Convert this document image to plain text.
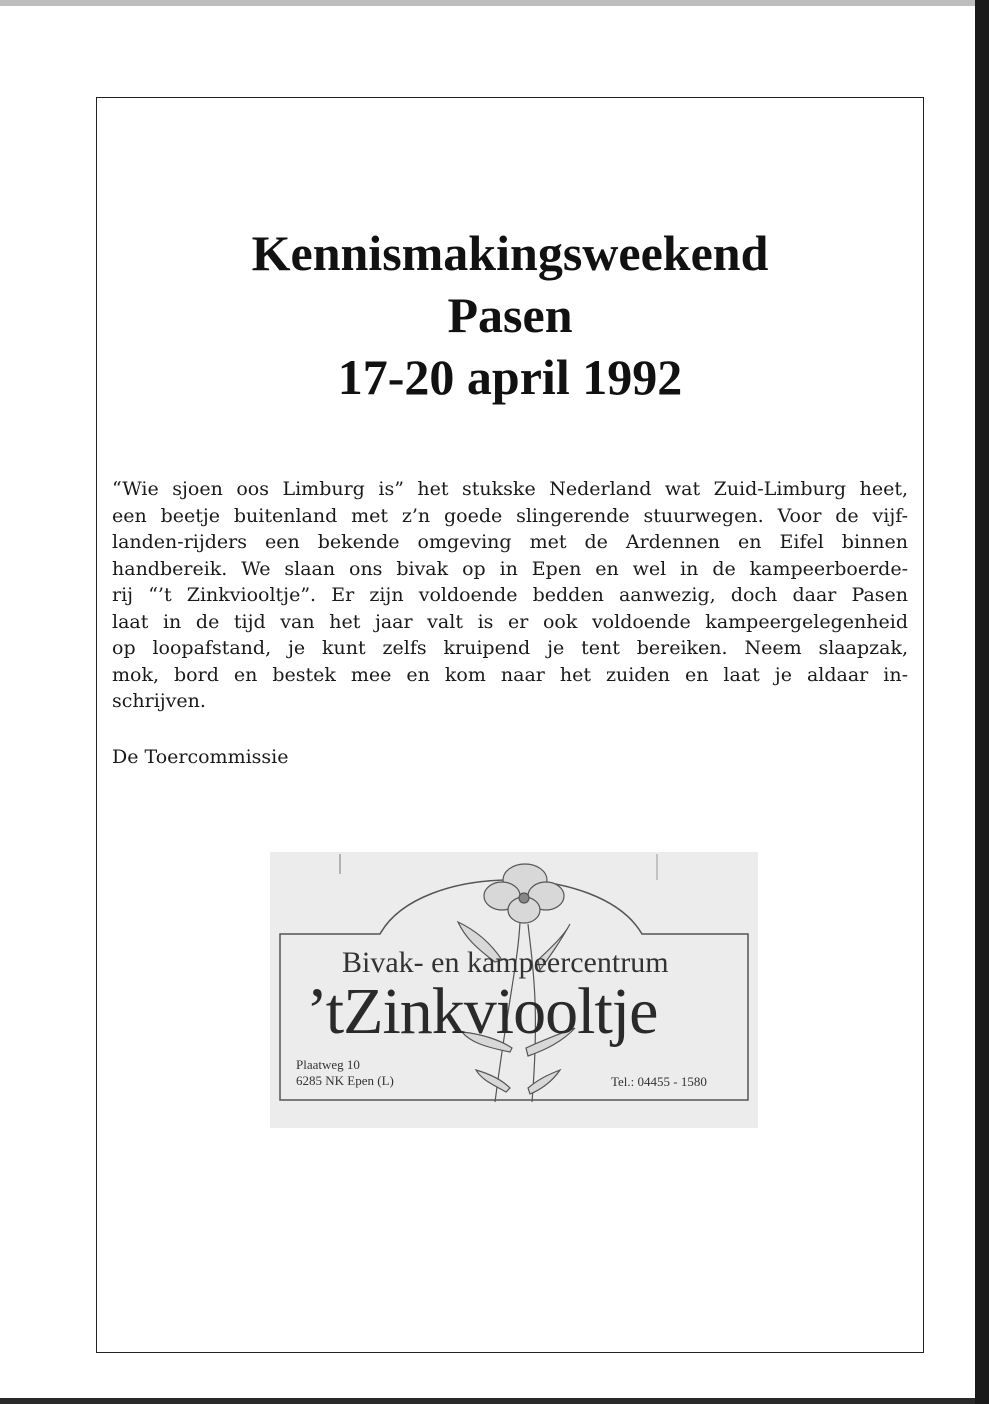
Kennismakingsweekend
Pasen
17-20 april 1992
“Wie sjoen oos Limburg is” het stukske Nederland wat Zuid-Limburg heet,
een beetje buitenland met z’n goede slingerende stuurwegen. Voor de vijf-
landen-rijders een bekende omgeving met de Ardennen en Eifel binnen
handbereik. We slaan ons bivak op in Epen en wel in de kampeerboerde-
rij “’t Zinkviooltje”. Er zijn voldoende bedden aanwezig, doch daar Pasen
laat in de tijd van het jaar valt is er ook voldoende kampeergelegenheid
op loopafstand, je kunt zelfs kruipend je tent bereiken. Neem slaapzak,
mok, bord en bestek mee en kom naar het zuiden en laat je aldaar in-
schrijven.
De Toercommissie
Bivak- en kampeercentrum
’tZinkviooltje
Plaatweg 10
6285 NK Epen (L)	Tel.: 04455 - 1580
